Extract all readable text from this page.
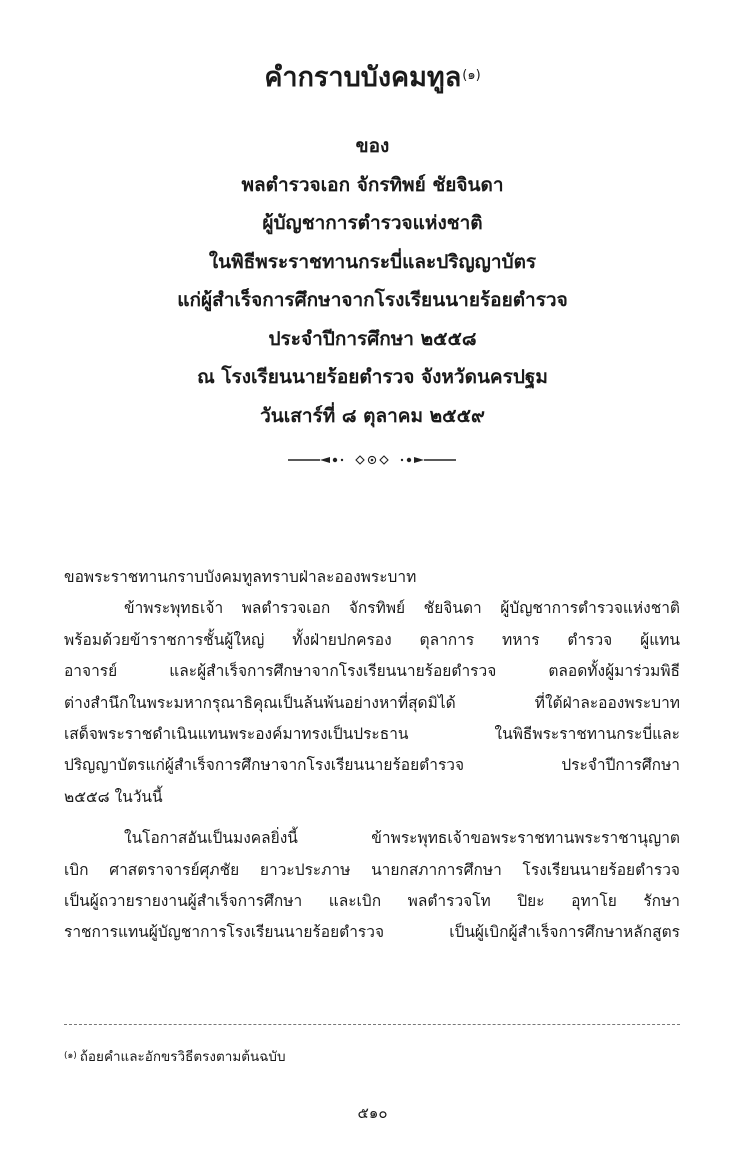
คำกราบบังคมทูล$^{(๑)}$
ของ
พลตำรวจเอก จักรทิพย์ ชัยจินดา
ผู้บัญชาการตำรวจแห่งชาติ
ในพิธีพระราชทานกระบี่และปริญญาบัตร
แก่ผู้สำเร็จการศึกษาจากโรงเรียนนายร้อยตำรวจ
ประจำปีการศึกษา ๒๕๕๘
ณ โรงเรียนนายร้อยตำรวจ จังหวัดนครปฐม
วันเสาร์ที่ ๘ ตุลาคม ๒๕๕๙

ขอพระราชทานกราบบังคมทูลทราบฝ่าละอองพระบาท

ข้าพระพุทธเจ้า พลตำรวจเอก จักรทิพย์ ชัยจินดา ผู้บัญชาการตำรวจแห่งชาติ
พร้อมด้วยข้าราชการชั้นผู้ใหญ่ ทั้งฝ่ายปกครอง ตุลาการ ทหาร ตำรวจ ผู้แทน
อาจารย์ และผู้สำเร็จการศึกษาจากโรงเรียนนายร้อยตำรวจ ตลอดทั้งผู้มาร่วมพิธี
ต่างสำนึกในพระมหากรุณาธิคุณเป็นล้นพ้นอย่างหาที่สุดมิได้ ที่ใต้ฝ่าละอองพระบาท
เสด็จพระราชดำเนินแทนพระองค์มาทรงเป็นประธาน ในพิธีพระราชทานกระบี่และ
ปริญญาบัตรแก่ผู้สำเร็จการศึกษาจากโรงเรียนนายร้อยตำรวจ ประจำปีการศึกษา
๒๕๕๘ ในวันนี้

ในโอกาสอันเป็นมงคลยิ่งนี้ ข้าพระพุทธเจ้าขอพระราชทานพระราชานุญาต
เบิก ศาสตราจารย์ศุภชัย ยาวะประภาษ นายกสภาการศึกษา โรงเรียนนายร้อยตำรวจ
เป็นผู้ถวายรายงานผู้สำเร็จการศึกษา และเบิก พลตำรวจโท ปิยะ อุทาโย รักษา
ราชการแทนผู้บัญชาการโรงเรียนนายร้อยตำรวจ เป็นผู้เบิกผู้สำเร็จการศึกษาหลักสูตร

$^{(๑)}$ ถ้อยคำและอักขรวิธีตรงตามต้นฉบับ
๕๑๐
